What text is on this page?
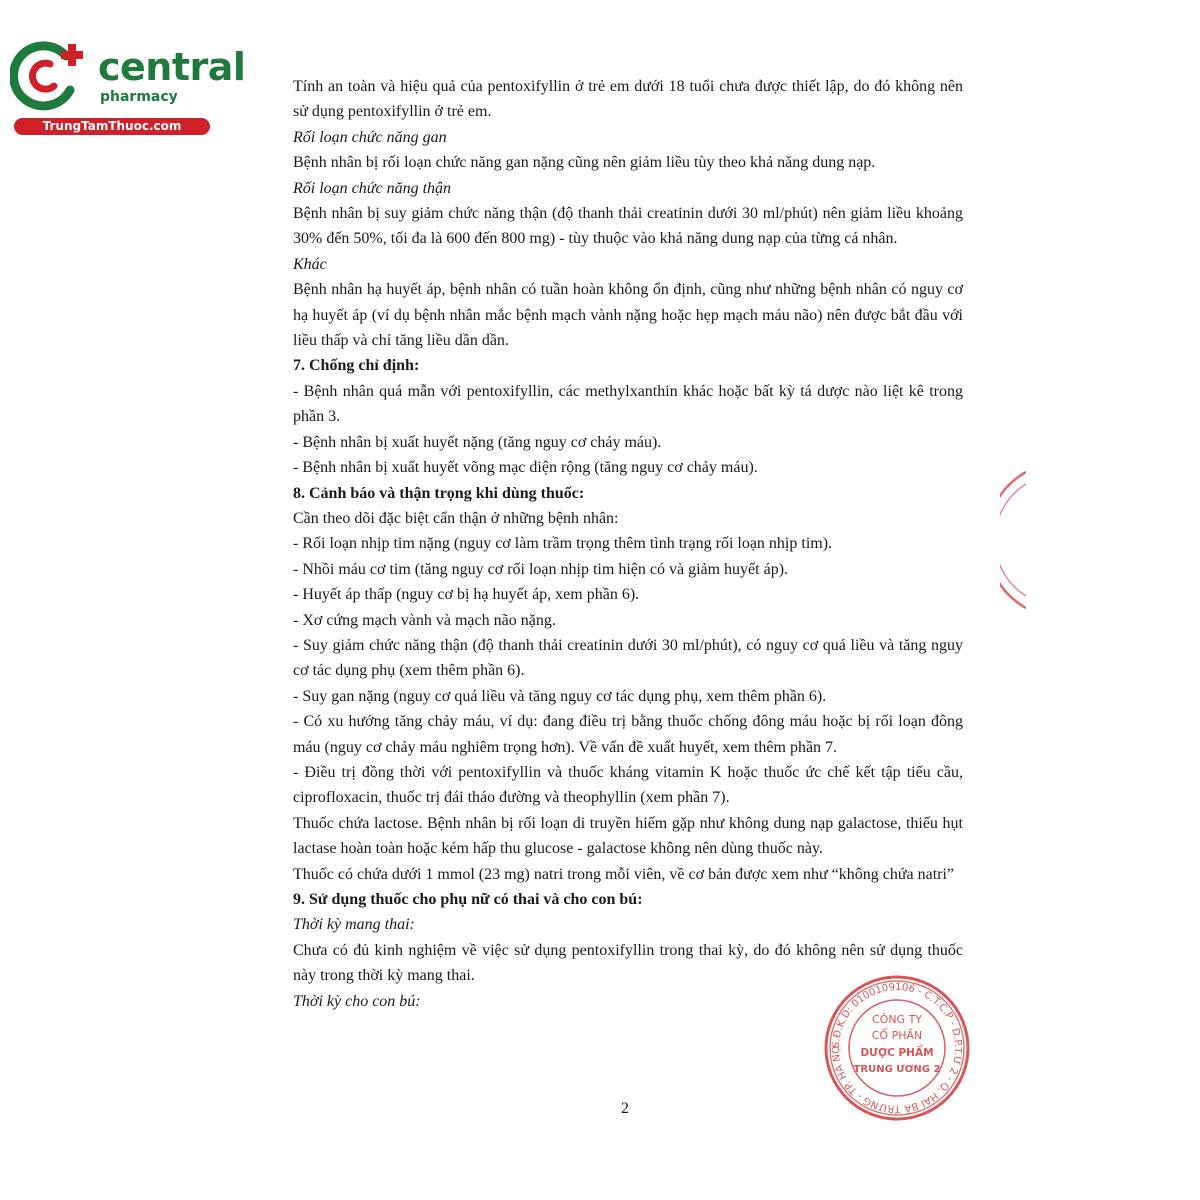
central
pharmacy
TrungTamThuoc.com

Tính an toàn và hiệu quả của pentoxifyllin ở trẻ em dưới 18 tuổi chưa được thiết lập, do đó không nên sử dụng pentoxifyllin ở trẻ em.

Rối loạn chức năng gan

Bệnh nhân bị rối loạn chức năng gan nặng cũng nên giảm liều tùy theo khả năng dung nạp.

Rối loạn chức năng thận

Bệnh nhân bị suy giảm chức năng thận (độ thanh thải creatinin dưới 30 ml/phút) nên giảm liều khoảng 30% đến 50%, tối đa là 600 đến 800 mg) - tùy thuộc vào khả năng dung nạp của từng cá nhân.

Khác

Bệnh nhân hạ huyết áp, bệnh nhân có tuần hoàn không ổn định, cũng như những bệnh nhân có nguy cơ hạ huyết áp (ví dụ bệnh nhân mắc bệnh mạch vành nặng hoặc hẹp mạch máu não) nên được bắt đầu với liều thấp và chỉ tăng liều dần dần.

7. Chống chỉ định:

- Bệnh nhân quá mẫn với pentoxifyllin, các methylxanthin khác hoặc bất kỳ tá dược nào liệt kê trong phần 3.

- Bệnh nhân bị xuất huyết nặng (tăng nguy cơ chảy máu).

- Bệnh nhân bị xuất huyết võng mạc diện rộng (tăng nguy cơ chảy máu).

8. Cảnh báo và thận trọng khi dùng thuốc:

Cần theo dõi đặc biệt cẩn thận ở những bệnh nhân:

- Rối loạn nhịp tim nặng (nguy cơ làm trầm trọng thêm tình trạng rối loạn nhịp tim).

- Nhồi máu cơ tim (tăng nguy cơ rối loạn nhịp tim hiện có và giảm huyết áp).

- Huyết áp thấp (nguy cơ bị hạ huyết áp, xem phần 6).

- Xơ cứng mạch vành và mạch não nặng.

- Suy giảm chức năng thận (độ thanh thải creatinin dưới 30 ml/phút), có nguy cơ quá liều và tăng nguy cơ tác dụng phụ (xem thêm phần 6).

- Suy gan nặng (nguy cơ quá liều và tăng nguy cơ tác dụng phụ, xem thêm phần 6).

- Có xu hướng tăng chảy máu, ví dụ: đang điều trị bằng thuốc chống đông máu hoặc bị rối loạn đông máu (nguy cơ chảy máu nghiêm trọng hơn). Về vấn đề xuất huyết, xem thêm phần 7.

- Điều trị đồng thời với pentoxifyllin và thuốc kháng vitamin K hoặc thuốc ức chế kết tập tiểu cầu, ciprofloxacin, thuốc trị đái tháo đường và theophyllin (xem phần 7).

Thuốc chứa lactose. Bệnh nhân bị rối loạn di truyền hiếm gặp như không dung nạp galactose, thiếu hụt lactase hoàn toàn hoặc kém hấp thu glucose - galactose không nên dùng thuốc này.

Thuốc có chứa dưới 1 mmol (23 mg) natri trong mỗi viên, về cơ bản được xem như “không chứa natri”

9. Sử dụng thuốc cho phụ nữ có thai và cho con bú:

Thời kỳ mang thai:

Chưa có đủ kinh nghiệm về việc sử dụng pentoxifyllin trong thai kỳ, do đó không nên sử dụng thuốc này trong thời kỳ mang thai.

Thời kỳ cho con bú:

2
S.Đ.K.D: 0100109106 - C.T.C.P - D.P.T.Ư 2 - Q. HAI BÀ TRƯNG - TP. HÀ NỘ
CÔNG TY
CỔ PHẦN
DƯỢC PHẨM
TRUNG ƯƠNG 2
